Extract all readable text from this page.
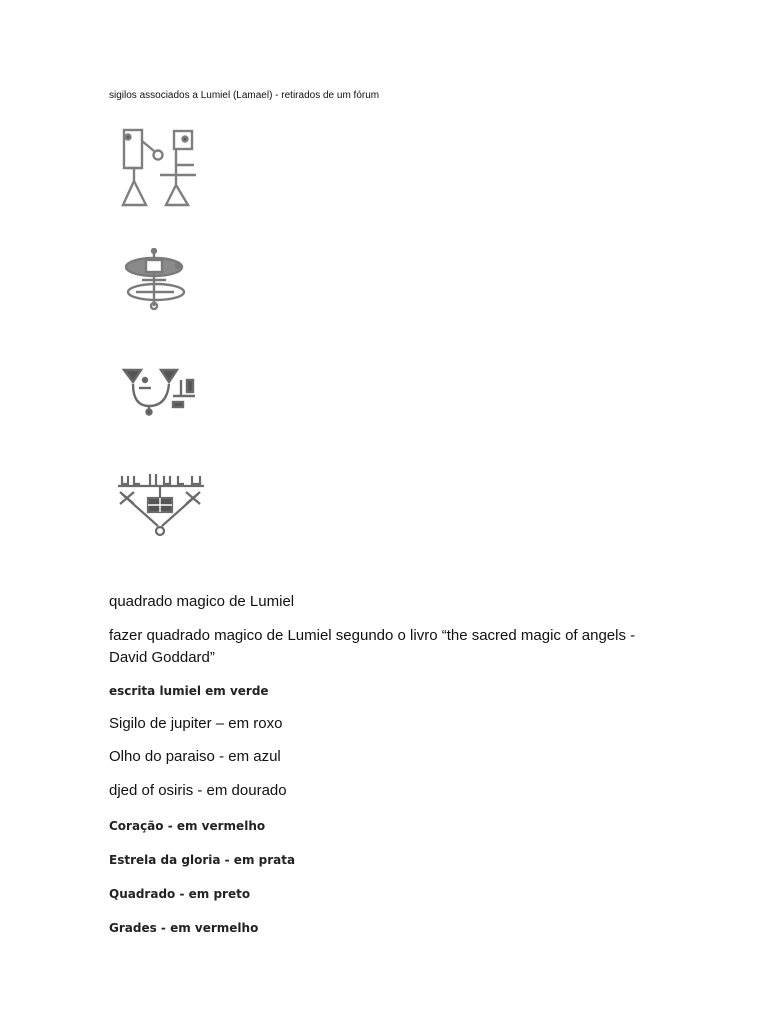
sigilos associados a Lumiel (Lamael) - retirados de um fórum
quadrado magico de Lumiel
fazer quadrado magico de Lumiel segundo o livro “the sacred magic of angels - David Goddard”
escrita lumiel em verde
Sigilo de jupiter – em roxo
Olho do paraiso - em azul
djed of osiris - em dourado
Coração - em vermelho
Estrela da gloria - em prata
Quadrado - em preto
Grades - em vermelho
